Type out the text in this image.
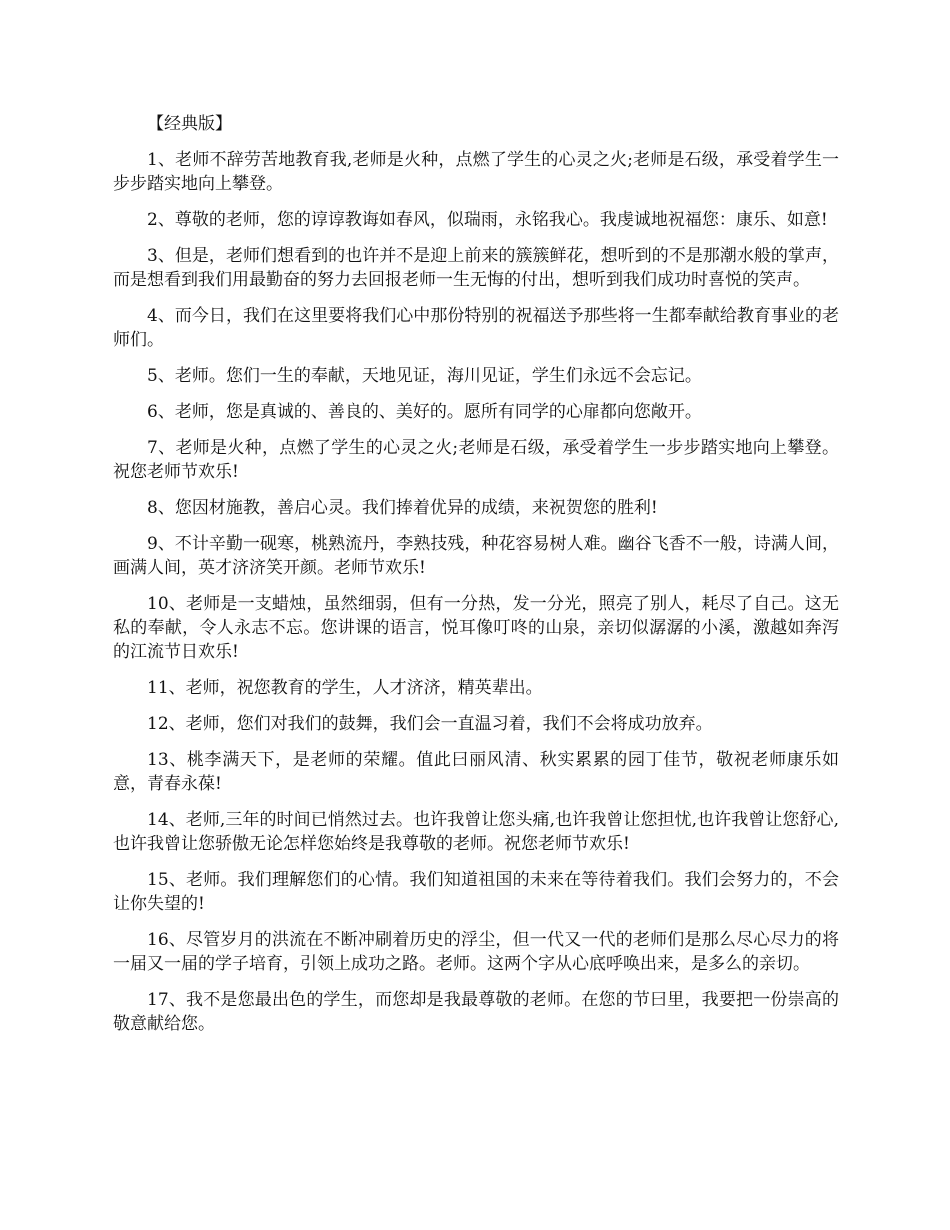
【经典版】

1、老师不辞劳苦地教育我,老师是火种，点燃了学生的心灵之火;老师是石级，承受着学生一步步踏实地向上攀登。

2、尊敬的老师，您的谆谆教诲如春风，似瑞雨，永铭我心。我虔诚地祝福您：康乐、如意!

3、但是，老师们想看到的也许并不是迎上前来的簇簇鲜花，想听到的不是那潮水般的掌声，而是想看到我们用最勤奋的努力去回报老师一生无悔的付出，想听到我们成功时喜悦的笑声。

4、而今日，我们在这里要将我们心中那份特别的祝福送予那些将一生都奉献给教育事业的老师们。

5、老师。您们一生的奉献，天地见证，海川见证，学生们永远不会忘记。

6、老师，您是真诚的、善良的、美好的。愿所有同学的心扉都向您敞开。

7、老师是火种，点燃了学生的心灵之火;老师是石级，承受着学生一步步踏实地向上攀登。祝您老师节欢乐!

8、您因材施教，善启心灵。我们捧着优异的成绩，来祝贺您的胜利!

9、不计辛勤一砚寒，桃熟流丹，李熟技残，种花容易树人难。幽谷飞香不一般，诗满人间，画满人间，英才济济笑开颜。老师节欢乐!

10、老师是一支蜡烛，虽然细弱，但有一分热，发一分光，照亮了别人，耗尽了自己。这无私的奉献，令人永志不忘。您讲课的语言，悦耳像叮咚的山泉，亲切似潺潺的小溪，激越如奔泻的江流节日欢乐!

11、老师，祝您教育的学生，人才济济，精英辈出。

12、老师，您们对我们的鼓舞，我们会一直温习着，我们不会将成功放弃。

13、桃李满天下，是老师的荣耀。值此曰丽风清、秋实累累的园丁佳节，敬祝老师康乐如意，青春永葆!

14、老师,三年的时间已悄然过去。也许我曾让您头痛,也许我曾让您担忧,也许我曾让您舒心,也许我曾让您骄傲无论怎样您始终是我尊敬的老师。祝您老师节欢乐!

15、老师。我们理解您们的心情。我们知道祖国的未来在等待着我们。我们会努力的，不会让你失望的!

16、尽管岁月的洪流在不断冲刷着历史的浮尘，但一代又一代的老师们是那么尽心尽力的将一届又一届的学子培育，引领上成功之路。老师。这两个字从心底呼唤出来，是多么的亲切。

17、我不是您最出色的学生，而您却是我最尊敬的老师。在您的节曰里，我要把一份崇高的敬意献给您。
